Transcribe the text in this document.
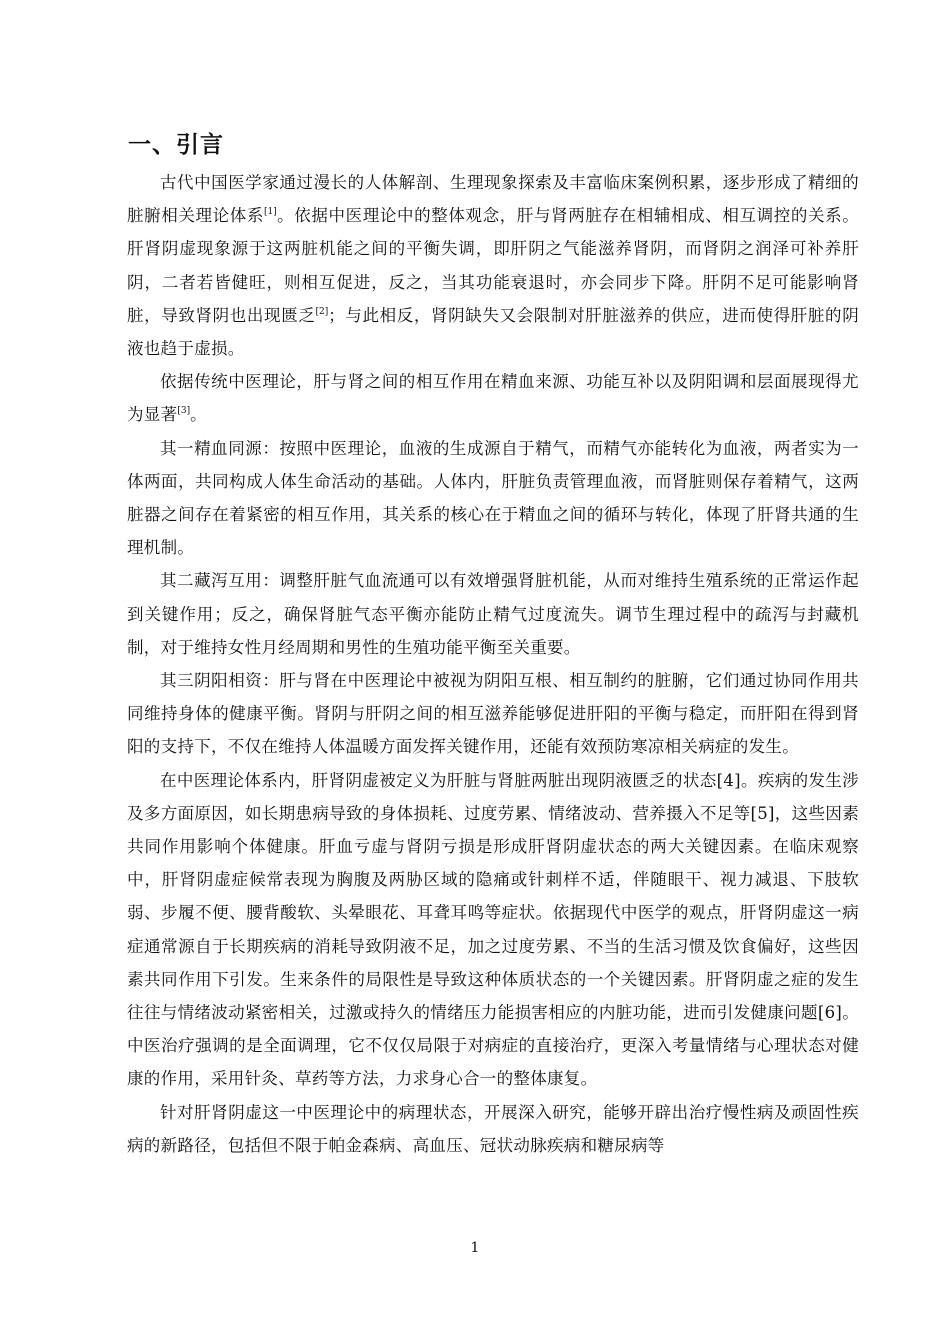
一、引言

古代中国医学家通过漫长的人体解剖、生理现象探索及丰富临床案例积累，逐步形成了精细的脏腑相关理论体系[1]。依据中医理论中的整体观念，肝与肾两脏存在相辅相成、相互调控的关系。肝肾阴虚现象源于这两脏机能之间的平衡失调，即肝阴之气能滋养肾阴，而肾阴之润泽可补养肝阴，二者若皆健旺，则相互促进，反之，当其功能衰退时，亦会同步下降。肝阴不足可能影响肾脏，导致肾阴也出现匮乏[2]；与此相反，肾阴缺失又会限制对肝脏滋养的供应，进而使得肝脏的阴液也趋于虚损。

依据传统中医理论，肝与肾之间的相互作用在精血来源、功能互补以及阴阳调和层面展现得尤为显著[3]。

其一精血同源：按照中医理论，血液的生成源自于精气，而精气亦能转化为血液，两者实为一体两面，共同构成人体生命活动的基础。人体内，肝脏负责管理血液，而肾脏则保存着精气，这两脏器之间存在着紧密的相互作用，其关系的核心在于精血之间的循环与转化，体现了肝肾共通的生理机制。

其二藏泻互用：调整肝脏气血流通可以有效增强肾脏机能，从而对维持生殖系统的正常运作起到关键作用；反之，确保肾脏气态平衡亦能防止精气过度流失。调节生理过程中的疏泻与封藏机制，对于维持女性月经周期和男性的生殖功能平衡至关重要。

其三阴阳相资：肝与肾在中医理论中被视为阴阳互根、相互制约的脏腑，它们通过协同作用共同维持身体的健康平衡。肾阴与肝阴之间的相互滋养能够促进肝阳的平衡与稳定，而肝阳在得到肾阳的支持下，不仅在维持人体温暖方面发挥关键作用，还能有效预防寒凉相关病症的发生。

在中医理论体系内，肝肾阴虚被定义为肝脏与肾脏两脏出现阴液匮乏的状态[4]。疾病的发生涉及多方面原因，如长期患病导致的身体损耗、过度劳累、情绪波动、营养摄入不足等[5]，这些因素共同作用影响个体健康。肝血亏虚与肾阴亏损是形成肝肾阴虚状态的两大关键因素。在临床观察中，肝肾阴虚症候常表现为胸腹及两胁区域的隐痛或针刺样不适，伴随眼干、视力减退、下肢软弱、步履不便、腰背酸软、头晕眼花、耳聋耳鸣等症状。依据现代中医学的观点，肝肾阴虚这一病症通常源自于长期疾病的消耗导致阴液不足，加之过度劳累、不当的生活习惯及饮食偏好，这些因素共同作用下引发。生来条件的局限性是导致这种体质状态的一个关键因素。肝肾阴虚之症的发生往往与情绪波动紧密相关，过激或持久的情绪压力能损害相应的内脏功能，进而引发健康问题[6]。中医治疗强调的是全面调理，它不仅仅局限于对病症的直接治疗，更深入考量情绪与心理状态对健康的作用，采用针灸、草药等方法，力求身心合一的整体康复。

针对肝肾阴虚这一中医理论中的病理状态，开展深入研究，能够开辟出治疗慢性病及顽固性疾病的新路径，包括但不限于帕金森病、高血压、冠状动脉疾病和糖尿病等

1
